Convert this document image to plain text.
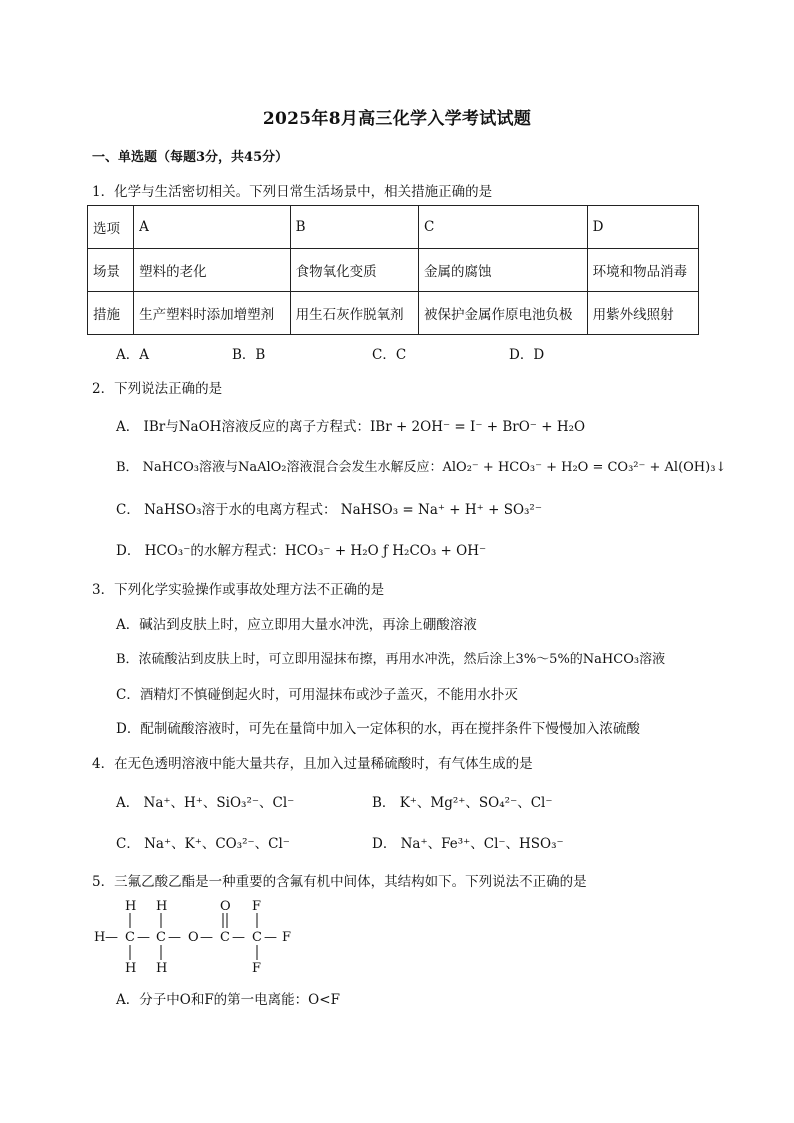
2025年8月高三化学入学考试试题
一、单选题（每题3分，共45分）
1．化学与生活密切相关。下列日常生活场景中，相关措施正确的是
选项	A	B	C	D
场景	塑料的老化	食物氧化变质	金属的腐蚀	环境和物品消毒
措施	生产塑料时添加增塑剂	用生石灰作脱氧剂	被保护金属作原电池负极	用紫外线照射
A．A	B．B	C．C	D．D
2．下列说法正确的是
A． IBr与NaOH溶液反应的离子方程式：IBr + 2OH⁻ = I⁻ + BrO⁻ + H₂O
B． NaHCO₃溶液与NaAlO₂溶液混合会发生水解反应：AlO₂⁻ + HCO₃⁻ + H₂O = CO₃²⁻ + Al(OH)₃↓
C． NaHSO₃溶于水的电离方程式： NaHSO₃ = Na⁺ + H⁺ + SO₃²⁻
D． HCO₃⁻的水解方程式：HCO₃⁻ + H₂O ƒ H₂CO₃ + OH⁻
3．下列化学实验操作或事故处理方法不正确的是
A．碱沾到皮肤上时，应立即用大量水冲洗，再涂上硼酸溶液
B．浓硫酸沾到皮肤上时，可立即用湿抹布擦，再用水冲洗，然后涂上3%～5%的NaHCO₃溶液
C．酒精灯不慎碰倒起火时，可用湿抹布或沙子盖灭，不能用水扑灭
D．配制硫酸溶液时，可先在量筒中加入一定体积的水，再在搅拌条件下慢慢加入浓硫酸
4．在无色透明溶液中能大量共存，且加入过量稀硫酸时，有气体生成的是
A． Na⁺、H⁺、SiO₃²⁻、Cl⁻	B． K⁺、Mg²⁺、SO₄²⁻、Cl⁻
C． Na⁺、K⁺、CO₃²⁻、Cl⁻	D． Na⁺、Fe³⁺、Cl⁻、HSO₃⁻
5．三氟乙酸乙酯是一种重要的含氟有机中间体，其结构如下。下列说法不正确的是
H — C — C — O — C — C — F
H H	O F
H H	F
A．分子中O和F的第一电离能：O<F
